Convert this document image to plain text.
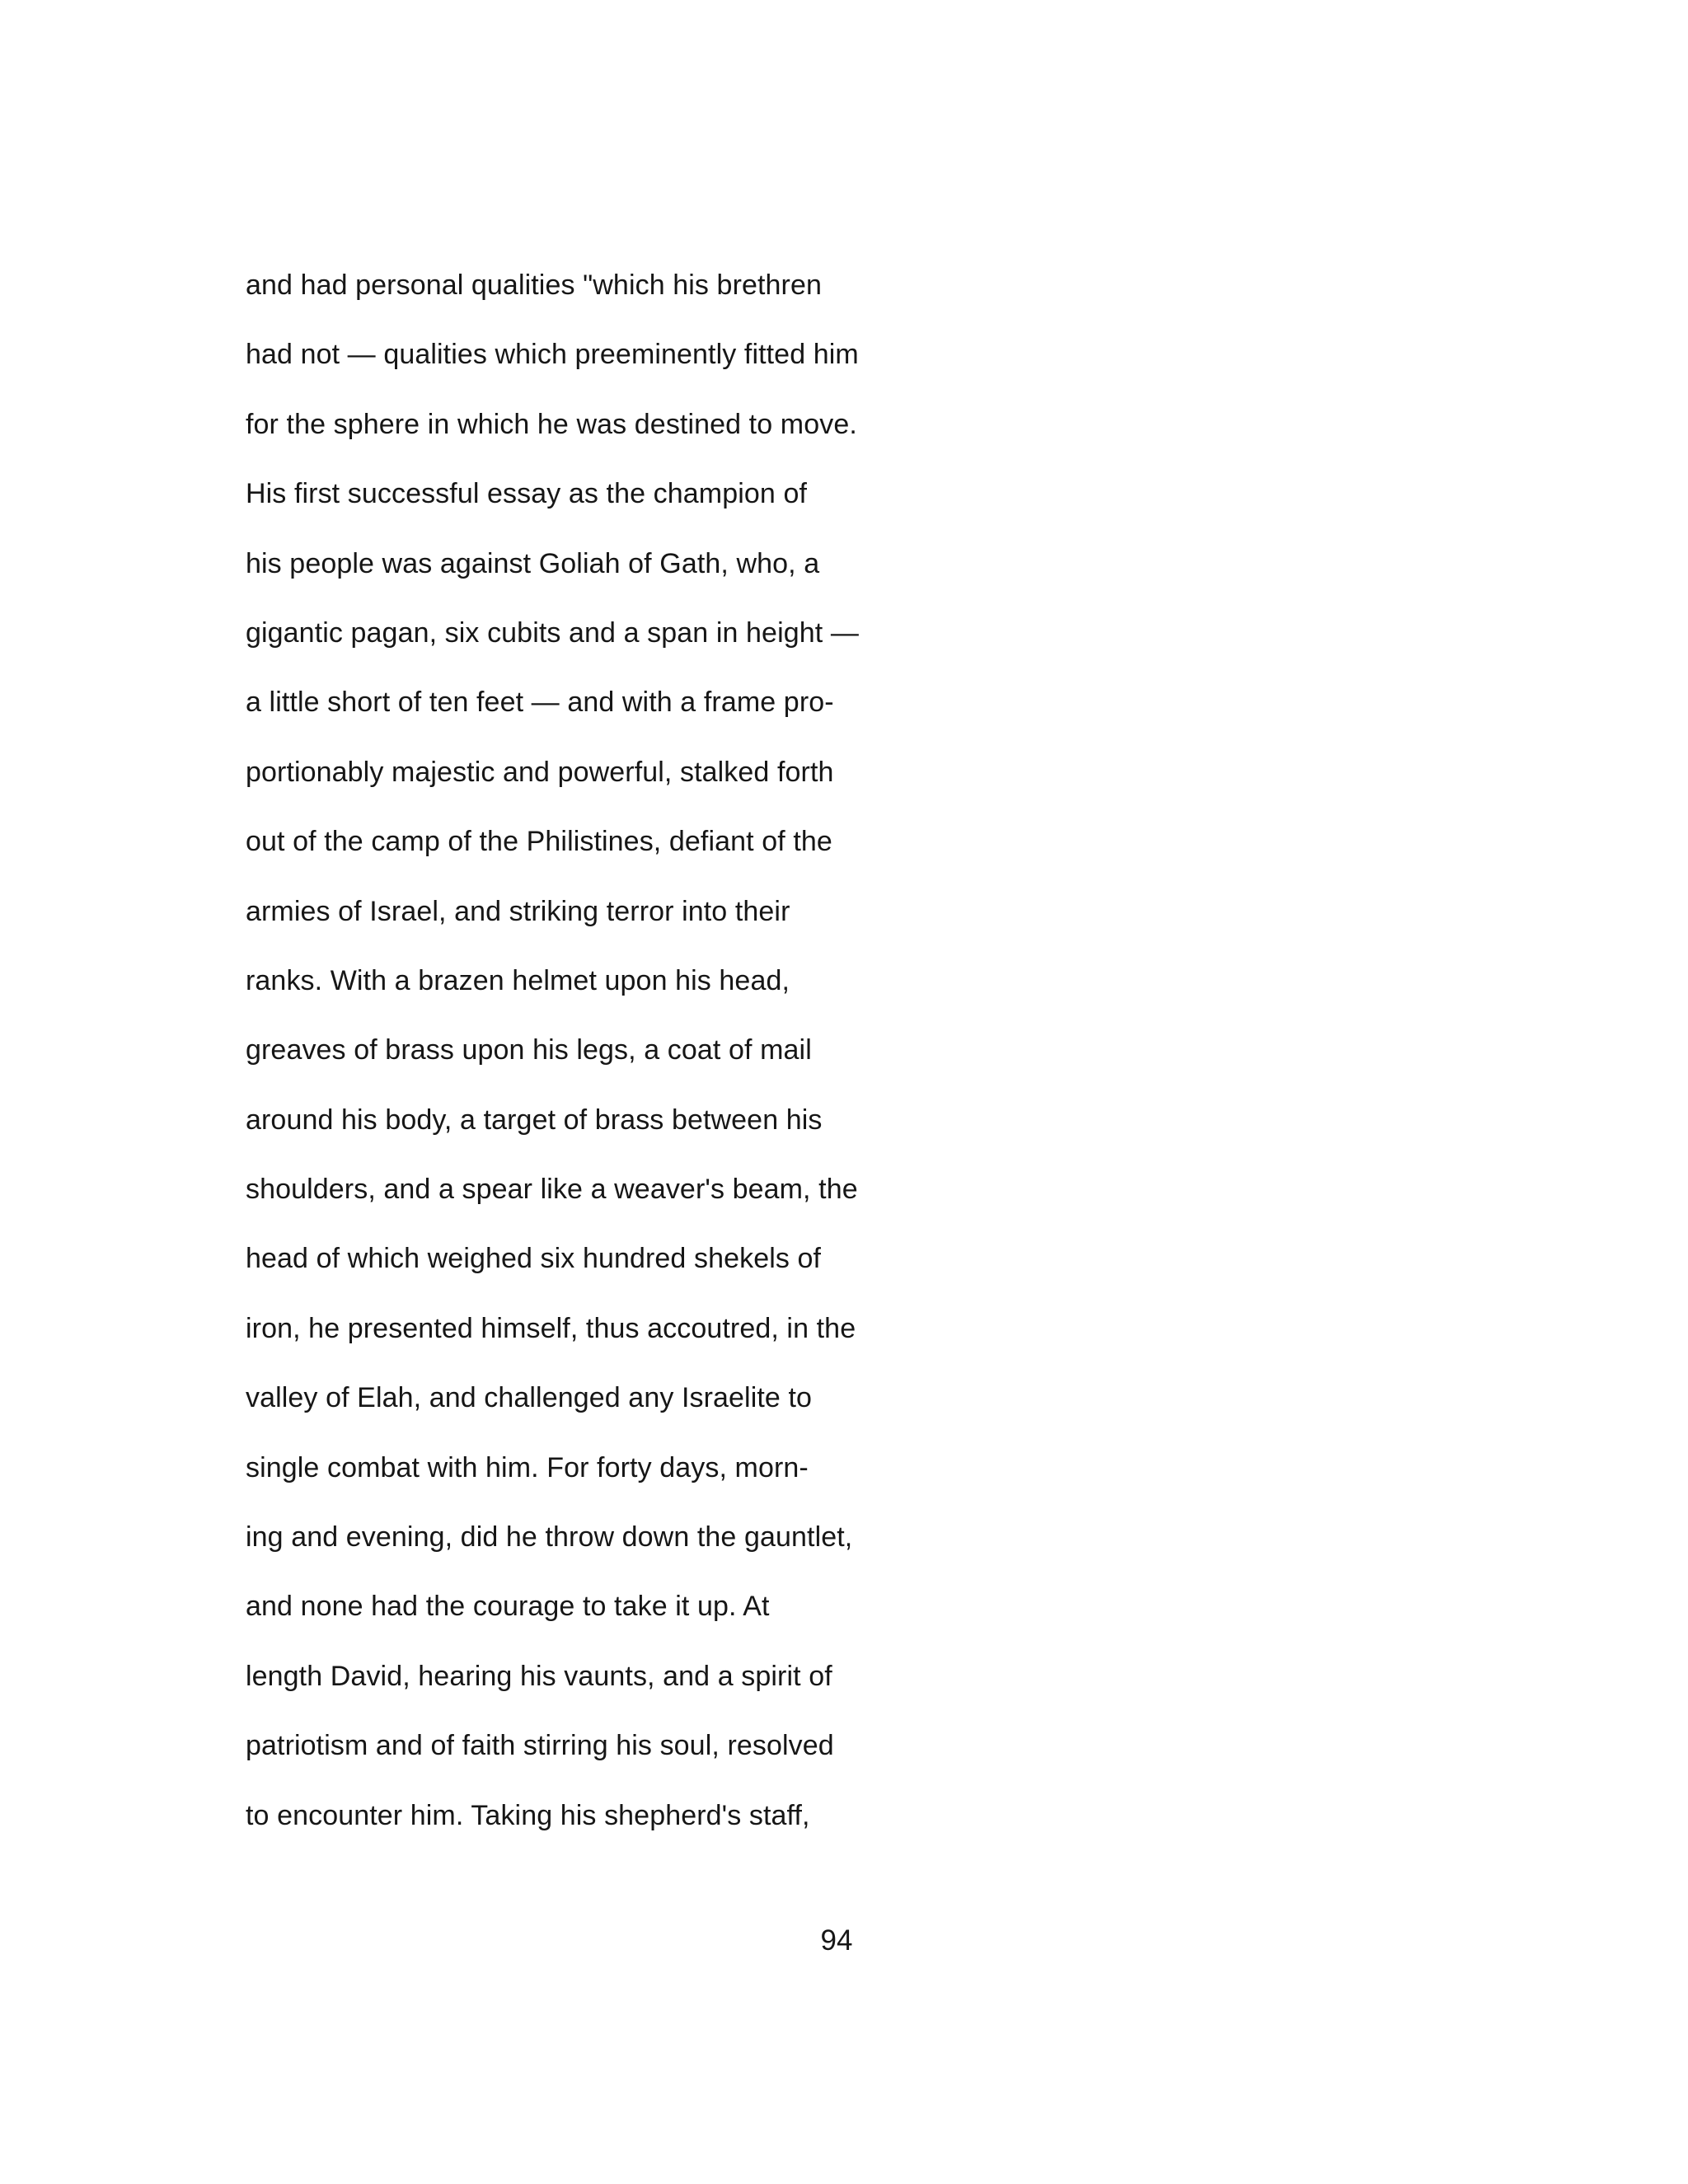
and had personal qualities "which his brethren
had not — qualities which preeminently fitted him
for the sphere in which he was destined to move.
His first successful essay as the champion of
his people was against Goliah of Gath, who, a
gigantic pagan, six cubits and a span in height —
a little short of ten feet — and with a frame pro-
portionably majestic and powerful, stalked forth
out of the camp of the Philistines, defiant of the
armies of Israel, and striking terror into their
ranks. With a brazen helmet upon his head,
greaves of brass upon his legs, a coat of mail
around his body, a target of brass between his
shoulders, and a spear like a weaver's beam, the
head of which weighed six hundred shekels of
iron, he presented himself, thus accoutred, in the
valley of Elah, and challenged any Israelite to
single combat with him. For forty days, morn-
ing and evening, did he throw down the gauntlet,
and none had the courage to take it up. At
length David, hearing his vaunts, and a spirit of
patriotism and of faith stirring his soul, resolved
to encounter him. Taking his shepherd's staff,
94
